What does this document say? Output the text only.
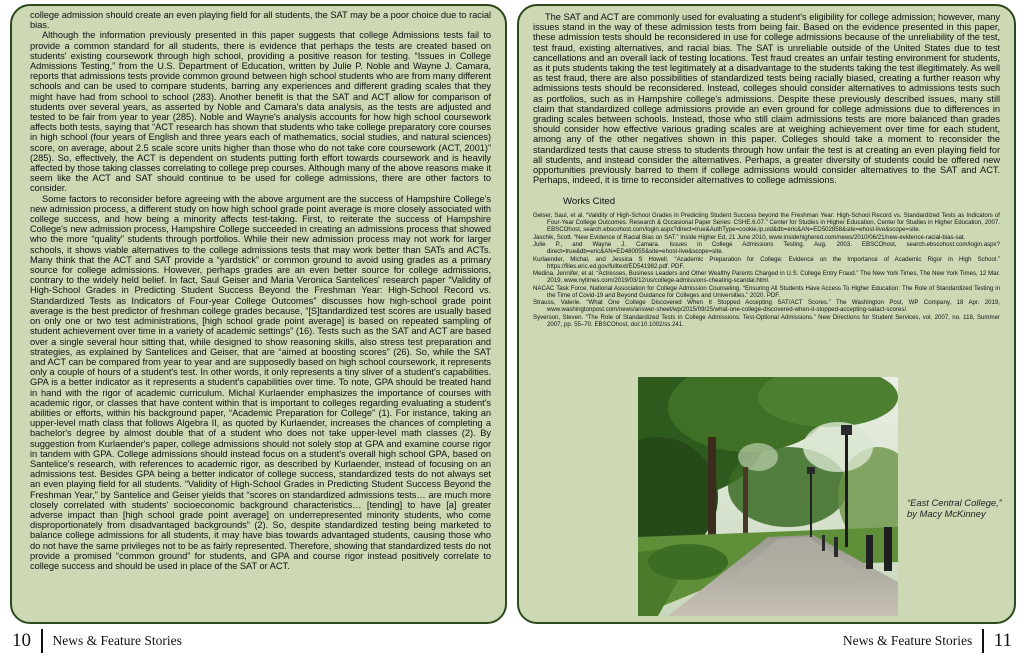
college admission should create an even playing field for all students, the SAT may be a poor choice due to racial bias.

Although the information previously presented in this paper suggests that college Admissions tests fail to provide a common standard for all students, there is evidence that perhaps the tests are created based on students' existing coursework through high school, providing a positive reason for testing. “Issues in College Admissions Testing,” from the U.S. Department of Education, written by Julie P. Noble and Wayne J. Camara, reports that admissions tests provide common ground between high school students who are from many different schools and can be used to compare students, barring any experiences and different grading scales that they might have had from school to school (283). Another benefit is that the SAT and ACT allow for comparison of students over several years, as asserted by Noble and Camara's data analysis, as the tests are adjusted and tested to be fair from year to year (285). Noble and Wayne's analysis accounts for how high school coursework affects both tests, saying that “ACT research has shown that students who take college preparatory core courses in high school (four years of English and three years each of mathematics, social studies, and natural sciences) score, on average, about 2.5 scale score units higher than those who do not take core coursework (ACT, 2001)” (285). So, effectively, the ACT is dependent on students putting forth effort towards coursework and is heavily affected by those taking classes correlating to college prep courses. Although many of the above reasons make it seem like the ACT and SAT should continue to be used for college admissions, there are other factors to consider.

Some factors to reconsider before agreeing with the above argument are the success of Hampshire College's new admission process, a different study on how high school grade point average is more closely associated with college success, and how being a minority affects test-taking. First, to reiterate the success of Hampshire College's new admission process, Hampshire College succeeded in creating an admissions process that showed who the more “quality” students through portfolios. While their new admission process may not work for larger schools, it shows viable alternatives to the college admissions tests that may work better than SATs and ACTs. Many think that the ACT and SAT provide a “yardstick” or common ground to avoid using grades as a primary source for college admissions. However, perhaps grades are an even better source for college admissions, contrary to the widely held belief. In fact, Saul Geiser and Maria Veronica Santelices' research paper “Validity of High-School Grades in Predicting Student Success Beyond the Freshman Year: High-School Record vs. Standardized Tests as Indicators of Four-year College Outcomes” discusses how high-school grade point average is the best predictor of freshman college grades because, “[S]tandardized test scores are usually based on only one or two test administrations, [high school grade point average] is based on repeated sampling of student achievement over time in a variety of academic settings” (16). Tests such as the SAT and ACT are based over a single several hour sitting that, while designed to show reasoning skills, also stress test preparation and strategies, as explained by Santelices and Geiser, that are “aimed at boosting scores” (26). So, while the SAT and ACT can be compared from year to year and are supposedly based on high school coursework, it represents only a couple of hours of a student's test. In other words, it only represents a tiny sliver of a student's capabilities. GPA is a better indicator as it represents a student's capabilities over time. To note, GPA should be treated hand in hand with the rigor of academic curriculum. Michal Kurlaender emphasizes the importance of courses with academic rigor, or classes that have content within that is important to colleges regarding evaluating a student's abilities or efforts, within his background paper, “Academic Preparation for College” (1). For instance, taking an upper-level math class that follows Algebra II, as quoted by Kurlaender, increases the chances of completing a bachelor's degree by almost double that of a student who does not take upper-level math classes (2). By suggestion from Kurlaender's paper, college admissions should not solely stop at GPA and examine course rigor in tandem with GPA. College admissions should instead focus on a student's overall high school GPA, based on Santelice's research, with references to academic rigor, as described by Kurlaender, instead of focusing on an admissions test. Besides GPA being a better indicator of college success, standardized tests do not always set an even playing field for all students. “Validity of High-School Grades in Predicting Student Success Beyond the Freshman Year,” by Santelice and Geiser yields that “scores on standardized admissions tests… are much more closely correlated with students' socioeconomic background characteristics… [tending] to have [a] greater adverse impact than [high school grade point average] on underrepresented minority students, who come disproportionately from disadvantaged backgrounds” (2). So, despite standardized testing being marketed to balance college admissions for all students, it may have bias towards advantaged students, causing those who do not have the same privileges not to be as fairly represented. Therefore, showing that standardized tests do not provide a promised “common ground” for students, and GPA and course rigor instead positively correlate to college success and should be used in place of the SAT or ACT.

The SAT and ACT are commonly used for evaluating a student's eligibility for college admission; however, many issues stand in the way of these admission tests from being fair. Based on the evidence presented in this paper, these admission tests should be reconsidered in use for college admissions because of the unreliability of the test, test fraud, existing alternatives, and racial bias. The SAT is unreliable outside of the United States due to test cancellations and an overall lack of testing locations. Test fraud creates an unfair testing environment for students, as it puts students taking the test legitimately at a disadvantage to the students taking the test illegitimately. As well as test fraud, there are also possibilities of standardized tests being racially biased, creating a further reason why admissions tests should be reconsidered. Instead, colleges should consider alternatives to admissions tests such as portfolios, such as in Hampshire college's admissions. Despite these previously described issues, many still claim that standardized college admissions provide an even ground for college admissions due to differences in grading scales between schools. Instead, those who still claim admissions tests are more balanced than grades should consider how effective various grading scales are at weighing achievement over time for each student, among any of the other negatives shown in this paper. Colleges should take a moment to reconsider the standardized tests that cause stress to students through how unfair the test is at creating an even playing field for all students, and instead consider the alternatives. Perhaps, a greater diversity of students could be offered new opportunities previously barred to them if college admissions would consider alternatives to the SAT and ACT. Perhaps, indeed, it is time to reconsider alternatives to college admissions.

Works Cited
Geiser, Saul, et al. “Validity of High-School Grades in Predicting Student Success beyond the Freshman Year: High-School Record vs. Standardized Tests as Indicators of Four-Year College Outcomes. Research & Occasional Paper Series: CSHE.6.07.” Center for Studies in Higher Education, Center for Studies in Higher Education, 2007. EBSCOhost, search.ebscohost.com/login.aspx?direct=true&AuthType=cookie,ip,uid&db=eric&AN=ED502858&site=ehost-live&scope=site.
Jaschik, Scott. “New Evidence of Racial Bias on SAT.” Inside Higher Ed, 21 June 2010, www.insidehighered.com/news/2010/06/21/new-evidence-racial-bias-sat.
Julie P., and Wayne J. Camara. Issues in College Admissions Testing. Aug. 2003. EBSCOhost, search.ebscohost.com/login.aspx?direct=true&db=eric&AN=ED480055&site=ehost-live&scope=site.
Kurlaender, Michal, and Jessica S Howell. “Academic Preparation for College: Evidence on the Importance of Academic Rigor in High School.” https://files.eric.ed.gov/fulltext/ED541982.pdf. PDF.
Medina, Jennifer, et al. “Actresses, Business Leaders and Other Wealthy Parents Charged in U.S. College Entry Fraud.” The New York Times, The New York Times, 12 Mar. 2019, www.nytimes.com/2019/03/12/us/college-admissions-cheating-scandal.html.
NACAC Task Force, National Association for College Admission Counseling. “Ensuring All Students Have Access To Higher Education: The Role of Standardized Testing in the Time of Covid-19 and Beyond Guidance for Colleges and Universities.” 2020. PDF.
Strauss, Valerie. “What One College Discovered When It Stopped Accepting SAT/ACT Scores.” The Washington Post, WP Company, 18 Apr. 2019, www.washingtonpost.com/news/answer-sheet/wp/2015/09/25/what-one-college-discovered-when-it-stopped-accepting-satact-scores/.
Syverson, Steven. “The Role of Standardized Tests in College Admissions: Test-Optional Admissions.” New Directions for Student Services, vol. 2007, no. 118, Summer 2007, pp. 55–70. EBSCOhost, doi:10.1002/ss.241.
“East Central College,”
by Macy McKinney
10 News & Feature Stories	News & Feature Stories 11
